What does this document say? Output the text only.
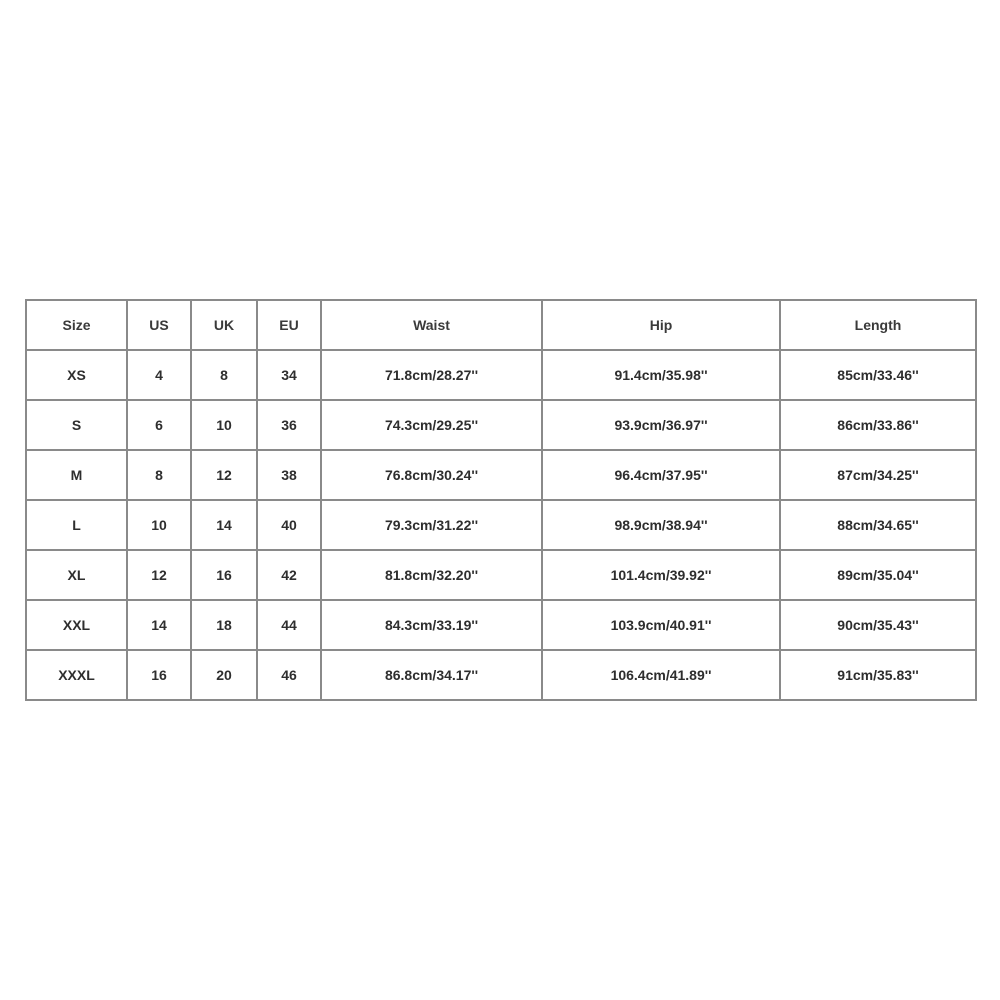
Size	US	UK	EU	Waist	Hip	Length
XS	4	8	34	71.8cm/28.27''	91.4cm/35.98''	85cm/33.46''
S	6	10	36	74.3cm/29.25''	93.9cm/36.97''	86cm/33.86''
M	8	12	38	76.8cm/30.24''	96.4cm/37.95''	87cm/34.25''
L	10	14	40	79.3cm/31.22''	98.9cm/38.94''	88cm/34.65''
XL	12	16	42	81.8cm/32.20''	101.4cm/39.92''	89cm/35.04''
XXL	14	18	44	84.3cm/33.19''	103.9cm/40.91''	90cm/35.43''
XXXL	16	20	46	86.8cm/34.17''	106.4cm/41.89''	91cm/35.83''
